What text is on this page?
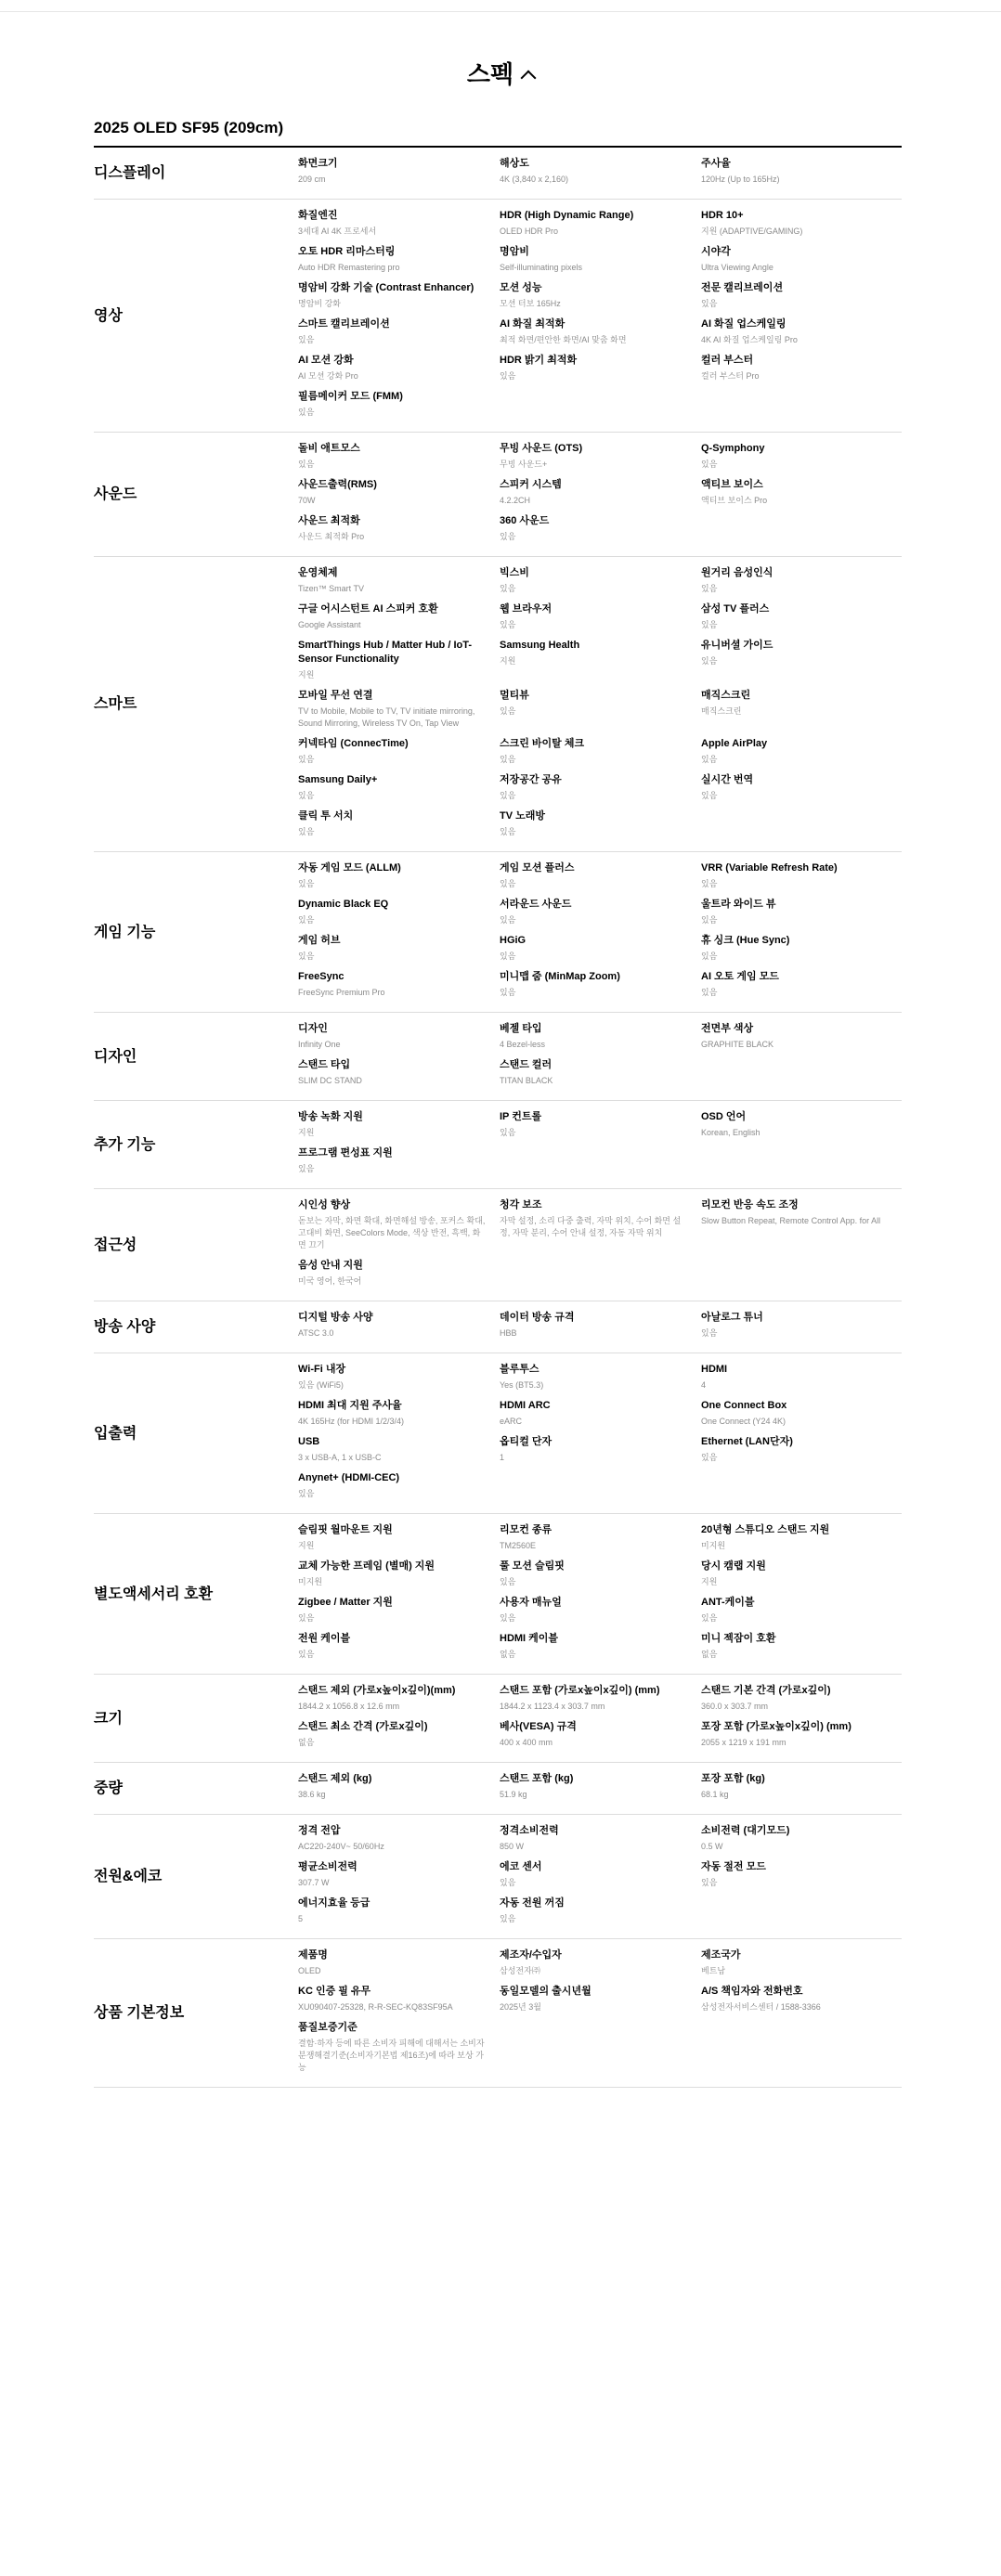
스펙
2025 OLED SF95 (209cm)
디스플레이
화면크기
209 cm
해상도
4K (3,840 x 2,160)
주사율
120Hz (Up to 165Hz)
영상
화질엔진
3세대 AI 4K 프로세서
HDR (High Dynamic Range)
OLED HDR Pro
HDR 10+
지원 (ADAPTIVE/GAMING)
오토 HDR 리마스터링
Auto HDR Remastering pro
명암비
Self-illuminating pixels
시야각
Ultra Viewing Angle
명암비 강화 기술 (Contrast Enhancer)
명암비 강화
모션 성능
모션 터보 165Hz
전문 캘리브레이션
있음
스마트 캘리브레이션
있음
AI 화질 최적화
최적 화면/편안한 화면/AI 맞춤 화면
AI 화질 업스케일링
4K AI 화질 업스케일링 Pro
AI 모션 강화
AI 모션 강화 Pro
HDR 밝기 최적화
있음
컬러 부스터
컬러 부스터 Pro
필름메이커 모드 (FMM)
있음
사운드
돌비 애트모스
있음
무빙 사운드 (OTS)
무빙 사운드+
Q-Symphony
있음
사운드출력(RMS)
70W
스피커 시스템
4.2.2CH
액티브 보이스
액티브 보이스 Pro
사운드 최적화
사운드 최적화 Pro
360 사운드
있음
스마트
운영체제
Tizen™ Smart TV
빅스비
있음
원거리 음성인식
있음
구글 어시스턴트 AI 스피커 호환
Google Assistant
웹 브라우저
있음
삼성 TV 플러스
있음
SmartThings Hub / Matter Hub / IoT-Sensor Functionality
지원
Samsung Health
지원
유니버셜 가이드
있음
모바일 무선 연결
TV to Mobile, Mobile to TV, TV initiate mirroring, Sound Mirroring, Wireless TV On, Tap View
멀티뷰
있음
매직스크린
매직스크린
커넥타임 (ConnecTime)
있음
스크린 바이탈 체크
있음
Apple AirPlay
있음
Samsung Daily+
있음
저장공간 공유
있음
실시간 번역
있음
클릭 투 서치
있음
TV 노래방
있음
게임 기능
자동 게임 모드 (ALLM)
있음
게임 모션 플러스
있음
VRR (Variable Refresh Rate)
있음
Dynamic Black EQ
있음
서라운드 사운드
있음
울트라 와이드 뷰
있음
게임 허브
있음
HGiG
있음
휴 싱크 (Hue Sync)
있음
FreeSync
FreeSync Premium Pro
미니맵 줌 (MinMap Zoom)
있음
AI 오토 게임 모드
있음
디자인
디자인
Infinity One
베젤 타입
4 Bezel-less
전면부 색상
GRAPHITE BLACK
스탠드 타입
SLIM DC STAND
스탠드 컬러
TITAN BLACK
추가 기능
방송 녹화 지원
지원
IP 컨트롤
있음
OSD 언어
Korean, English
프로그램 편성표 지원
있음
접근성
시인성 향상
돋보는 자막, 화면 확대, 화면해설 방송, 포커스 확대, 고대비 화면, SeeColors Mode, 색상 반전, 흑백, 화면 끄기
청각 보조
자막 설정, 소리 다중 출력, 자막 위치, 수어 화면 설정, 자막 분리, 수어 안내 설정, 자동 자막 위치
리모컨 반응 속도 조정
Slow Button Repeat, Remote Control App. for All
음성 안내 지원
미국 영어, 한국어
방송 사양
디지털 방송 사양
ATSC 3.0
데이터 방송 규격
HBB
아날로그 튜너
있음
입출력
Wi-Fi 내장
있음 (WiFi5)
블루투스
Yes (BT5.3)
HDMI
4
HDMI 최대 지원 주사율
4K 165Hz (for HDMI 1/2/3/4)
HDMI ARC
eARC
One Connect Box
One Connect (Y24 4K)
USB
3 x USB-A, 1 x USB-C
옵티컬 단자
1
Ethernet (LAN단자)
있음
Anynet+ (HDMI-CEC)
있음
별도액세서리 호환
슬림핏 월마운트 지원
지원
리모컨 종류
TM2560E
20년형 스튜디오 스탠드 지원
미지원
교체 가능한 프레임 (별매) 지원
미지원
풀 모션 슬림핏
있음
당시 캠랩 지원
지원
Zigbee / Matter 지원
있음
사용자 매뉴얼
있음
ANT-케이블
있음
전원 케이블
있음
HDMI 케이블
없음
미니 젝잠이 호환
없음
크기
스탠드 제외 (가로x높이x깊이)(mm)
1844.2 x 1056.8 x 12.6 mm
스탠드 포함 (가로x높이x깊이) (mm)
1844.2 x 1123.4 x 303.7 mm
스탠드 기본 간격 (가로x깊이)
360.0 x 303.7 mm
스탠드 최소 간격 (가로x깊이)
없음
베사(VESA) 규격
400 x 400 mm
포장 포함 (가로x높이x깊이) (mm)
2055 x 1219 x 191 mm
중량
스탠드 제외 (kg)
38.6 kg
스탠드 포함 (kg)
51.9 kg
포장 포함 (kg)
68.1 kg
전원&에코
정격 전압
AC220-240V~ 50/60Hz
정격소비전력
850 W
소비전력 (대기모드)
0.5 W
평균소비전력
307.7 W
에코 센서
있음
자동 절전 모드
있음
에너지효율 등급
5
자동 전원 꺼짐
있음
상품 기본정보
제품명
OLED
제조자/수입자
삼성전자㈜
제조국가
베트남
KC 인증 필 유무
XU090407-25328, R-R-SEC-KQ83SF95A
동일모델의 출시년월
2025년 3월
A/S 책임자와 전화번호
삼성전자서비스센터 / 1588-3366
품질보증기준
결함·하자 등에 따른 소비자 피해에 대해서는 소비자분쟁해결기준(소비자기본법 제16조)에 따라 보상 가능
